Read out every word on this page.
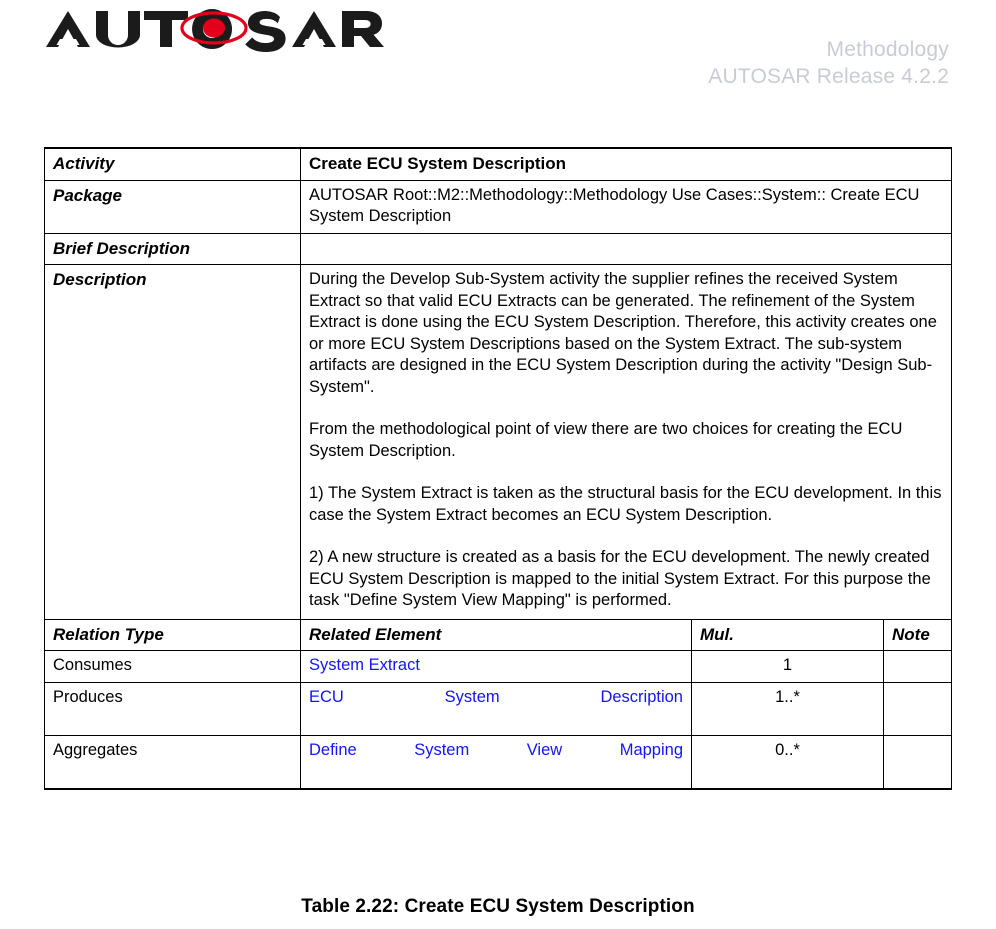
Methodology
AUTOSAR Release 4.2.2
Activity	Create ECU System Description		
Package	AUTOSAR Root::M2::Methodology::Methodology Use Cases::System:: Create ECU System Description		
Brief Description			
Description	During the Develop Sub-System activity the supplier refines the received System Extract so that valid ECU Extracts can be generated. The refinement of the System Extract is done using the ECU System Description. Therefore, this activity creates one or more ECU System Descriptions based on the System Extract. The sub-system artifacts are designed in the ECU System Description during the activity "Design Sub-System".

From the methodological point of view there are two choices for creating the ECU System Description.

1) The System Extract is taken as the structural basis for the ECU development. In this case the System Extract becomes an ECU System Description.

2) A new structure is created as a basis for the ECU development. The newly created ECU System Description is mapped to the initial System Extract. For this purpose the task "Define System View Mapping" is performed.		

Relation Type	Related Element	Mul.	Note
Consumes	System Extract	1	
Produces	ECU System Description	1..*	
Aggregates	Define System View Mapping	0..*	
Table 2.22: Create ECU System Description
